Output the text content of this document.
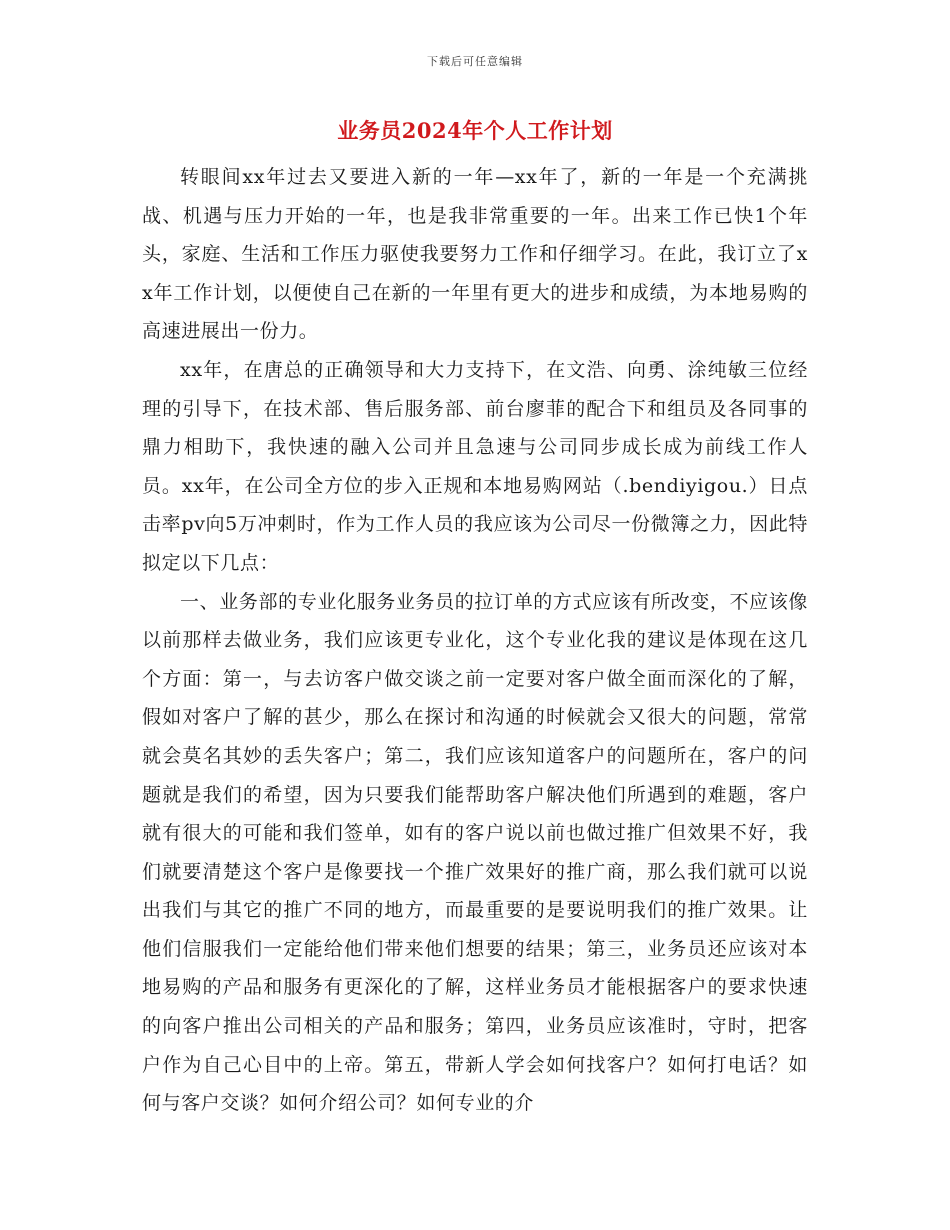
下载后可任意编辑
业务员2024年个人工作计划

转眼间xx年过去又要进入新的一年—xx年了，新的一年是一个充满挑战、机遇与压力开始的一年，也是我非常重要的一年。出来工作已快1个年头，家庭、生活和工作压力驱使我要努力工作和仔细学习。在此，我订立了xx年工作计划，以便使自己在新的一年里有更大的进步和成绩，为本地易购的高速进展出一份力。

xx年，在唐总的正确领导和大力支持下，在文浩、向勇、涂纯敏三位经理的引导下，在技术部、售后服务部、前台廖菲的配合下和组员及各同事的鼎力相助下，我快速的融入公司并且急速与公司同步成长成为前线工作人员。xx年，在公司全方位的步入正规和本地易购网站（.bendiyigou.）日点击率pv向5万冲刺时，作为工作人员的我应该为公司尽一份微簿之力，因此特拟定以下几点：

一、业务部的专业化服务业务员的拉订单的方式应该有所改变，不应该像以前那样去做业务，我们应该更专业化，这个专业化我的建议是体现在这几个方面：第一，与去访客户做交谈之前一定要对客户做全面而深化的了解，假如对客户了解的甚少，那么在探讨和沟通的时候就会又很大的问题，常常就会莫名其妙的丢失客户；第二，我们应该知道客户的问题所在，客户的问题就是我们的希望，因为只要我们能帮助客户解决他们所遇到的难题，客户就有很大的可能和我们签单，如有的客户说以前也做过推广但效果不好，我们就要清楚这个客户是像要找一个推广效果好的推广商，那么我们就可以说出我们与其它的推广不同的地方，而最重要的是要说明我们的推广效果。让他们信服我们一定能给他们带来他们想要的结果；第三，业务员还应该对本地易购的产品和服务有更深化的了解，这样业务员才能根据客户的要求快速的向客户推出公司相关的产品和服务；第四，业务员应该准时，守时，把客户作为自己心目中的上帝。第五，带新人学会如何找客户？如何打电话？如何与客户交谈？如何介绍公司？如何专业的介
